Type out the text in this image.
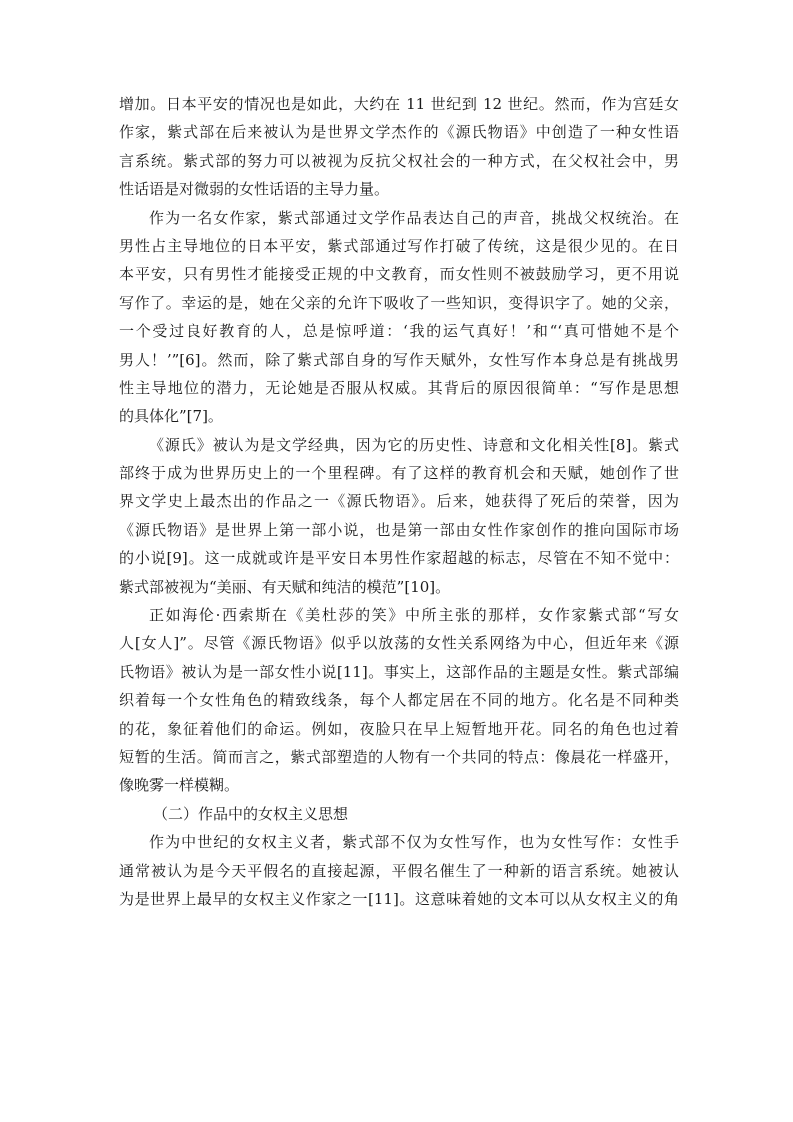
增加。日本平安的情况也是如此，大约在 11 世纪到 12 世纪。然而，作为宫廷女
作家，紫式部在后来被认为是世界文学杰作的《源氏物语》中创造了一种女性语
言系统。紫式部的努力可以被视为反抗父权社会的一种方式，在父权社会中，男
性话语是对微弱的女性话语的主导力量。
作为一名女作家，紫式部通过文学作品表达自己的声音，挑战父权统治。在
男性占主导地位的日本平安，紫式部通过写作打破了传统，这是很少见的。在日
本平安，只有男性才能接受正规的中文教育，而女性则不被鼓励学习，更不用说
写作了。幸运的是，她在父亲的允许下吸收了一些知识，变得识字了。她的父亲，
一个受过良好教育的人，总是惊呼道：‘我的运气真好！’和“‘真可惜她不是个
男人！’”[6]。然而，除了紫式部自身的写作天赋外，女性写作本身总是有挑战男
性主导地位的潜力，无论她是否服从权威。其背后的原因很简单：“写作是思想
的具体化”[7]。
《源氏》被认为是文学经典，因为它的历史性、诗意和文化相关性[8]。紫式
部终于成为世界历史上的一个里程碑。有了这样的教育机会和天赋，她创作了世
界文学史上最杰出的作品之一《源氏物语》。后来，她获得了死后的荣誉，因为
《源氏物语》是世界上第一部小说，也是第一部由女性作家创作的推向国际市场
的小说[9]。这一成就或许是平安日本男性作家超越的标志，尽管在不知不觉中：
紫式部被视为“美丽、有天赋和纯洁的模范”[10]。
正如海伦·西索斯在《美杜莎的笑》中所主张的那样，女作家紫式部“写女
人[女人]”。尽管《源氏物语》似乎以放荡的女性关系网络为中心，但近年来《源
氏物语》被认为是一部女性小说[11]。事实上，这部作品的主题是女性。紫式部编
织着每一个女性角色的精致线条，每个人都定居在不同的地方。化名是不同种类
的花，象征着他们的命运。例如，夜脸只在早上短暂地开花。同名的角色也过着
短暂的生活。简而言之，紫式部塑造的人物有一个共同的特点：像晨花一样盛开，
像晚雾一样模糊。
（二）作品中的女权主义思想
作为中世纪的女权主义者，紫式部不仅为女性写作，也为女性写作：女性手
通常被认为是今天平假名的直接起源，平假名催生了一种新的语言系统。她被认
为是世界上最早的女权主义作家之一[11]。这意味着她的文本可以从女权主义的角
